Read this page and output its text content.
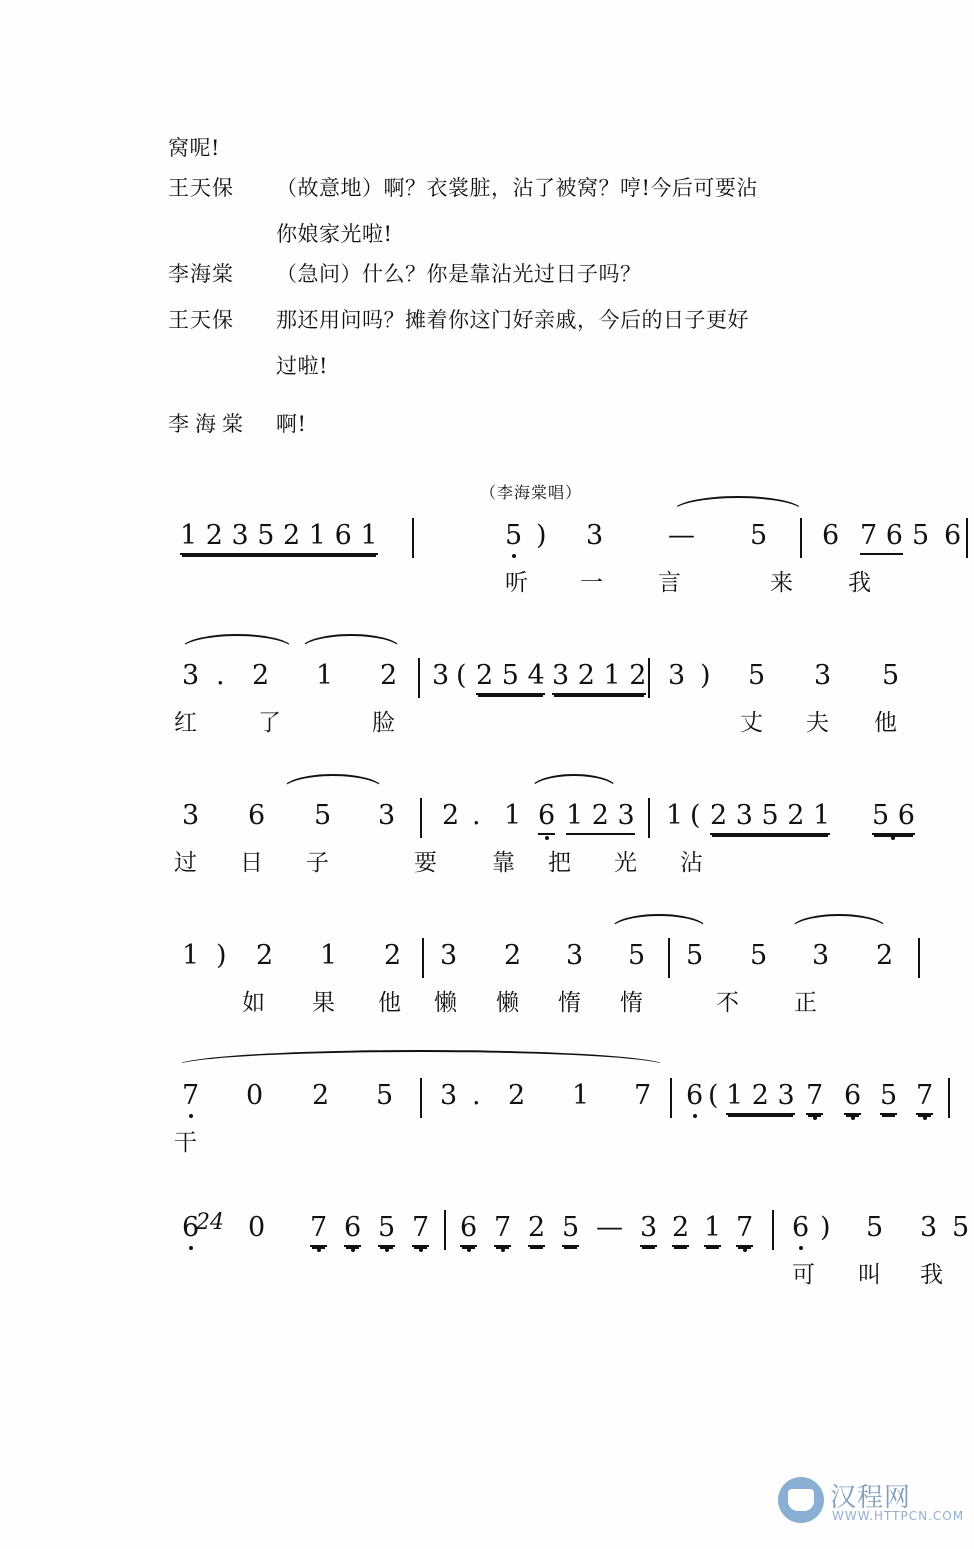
窝呢!
王天保	（故意地）啊？衣裳脏，沾了被窝？哼!今后可要沾
你娘家光啦!
李海棠	（急问）什么？你是靠沾光过日子吗？
王天保	那还用问吗？摊着你这门好亲戚，今后的日子更好
过啦!
李海棠	啊!
（李海棠唱）
1 2 3 5 2 1 6 1	5 ) 3 — 5 6 7 6 5 6
听 一 言	来 我
3 . 2 1 2 3 ( 2 5 4 3 2 1 2 3 ) 5 3 5
红	了	脸	丈 夫 他
3 6 5 3 2 . 1 6 1 2 3 1 ( 2 3 5 2 1 5 6
过 日 子	要 靠 把 光 沾
1 ) 2 1 2 3 2 3 5 5 5 3 2
如 果 他 懒 懒 惰 惰	不 正
7 0 2 5 3 . 2 1 7 6 ( 1 2 3 7 6 5 7
干
6 0 7 6 5 7 6 7 2 5 — 3 2 1 7 6 ) 5 3 5
可 叫 我
24
汉程网
WWW.HTTPCN.COM
